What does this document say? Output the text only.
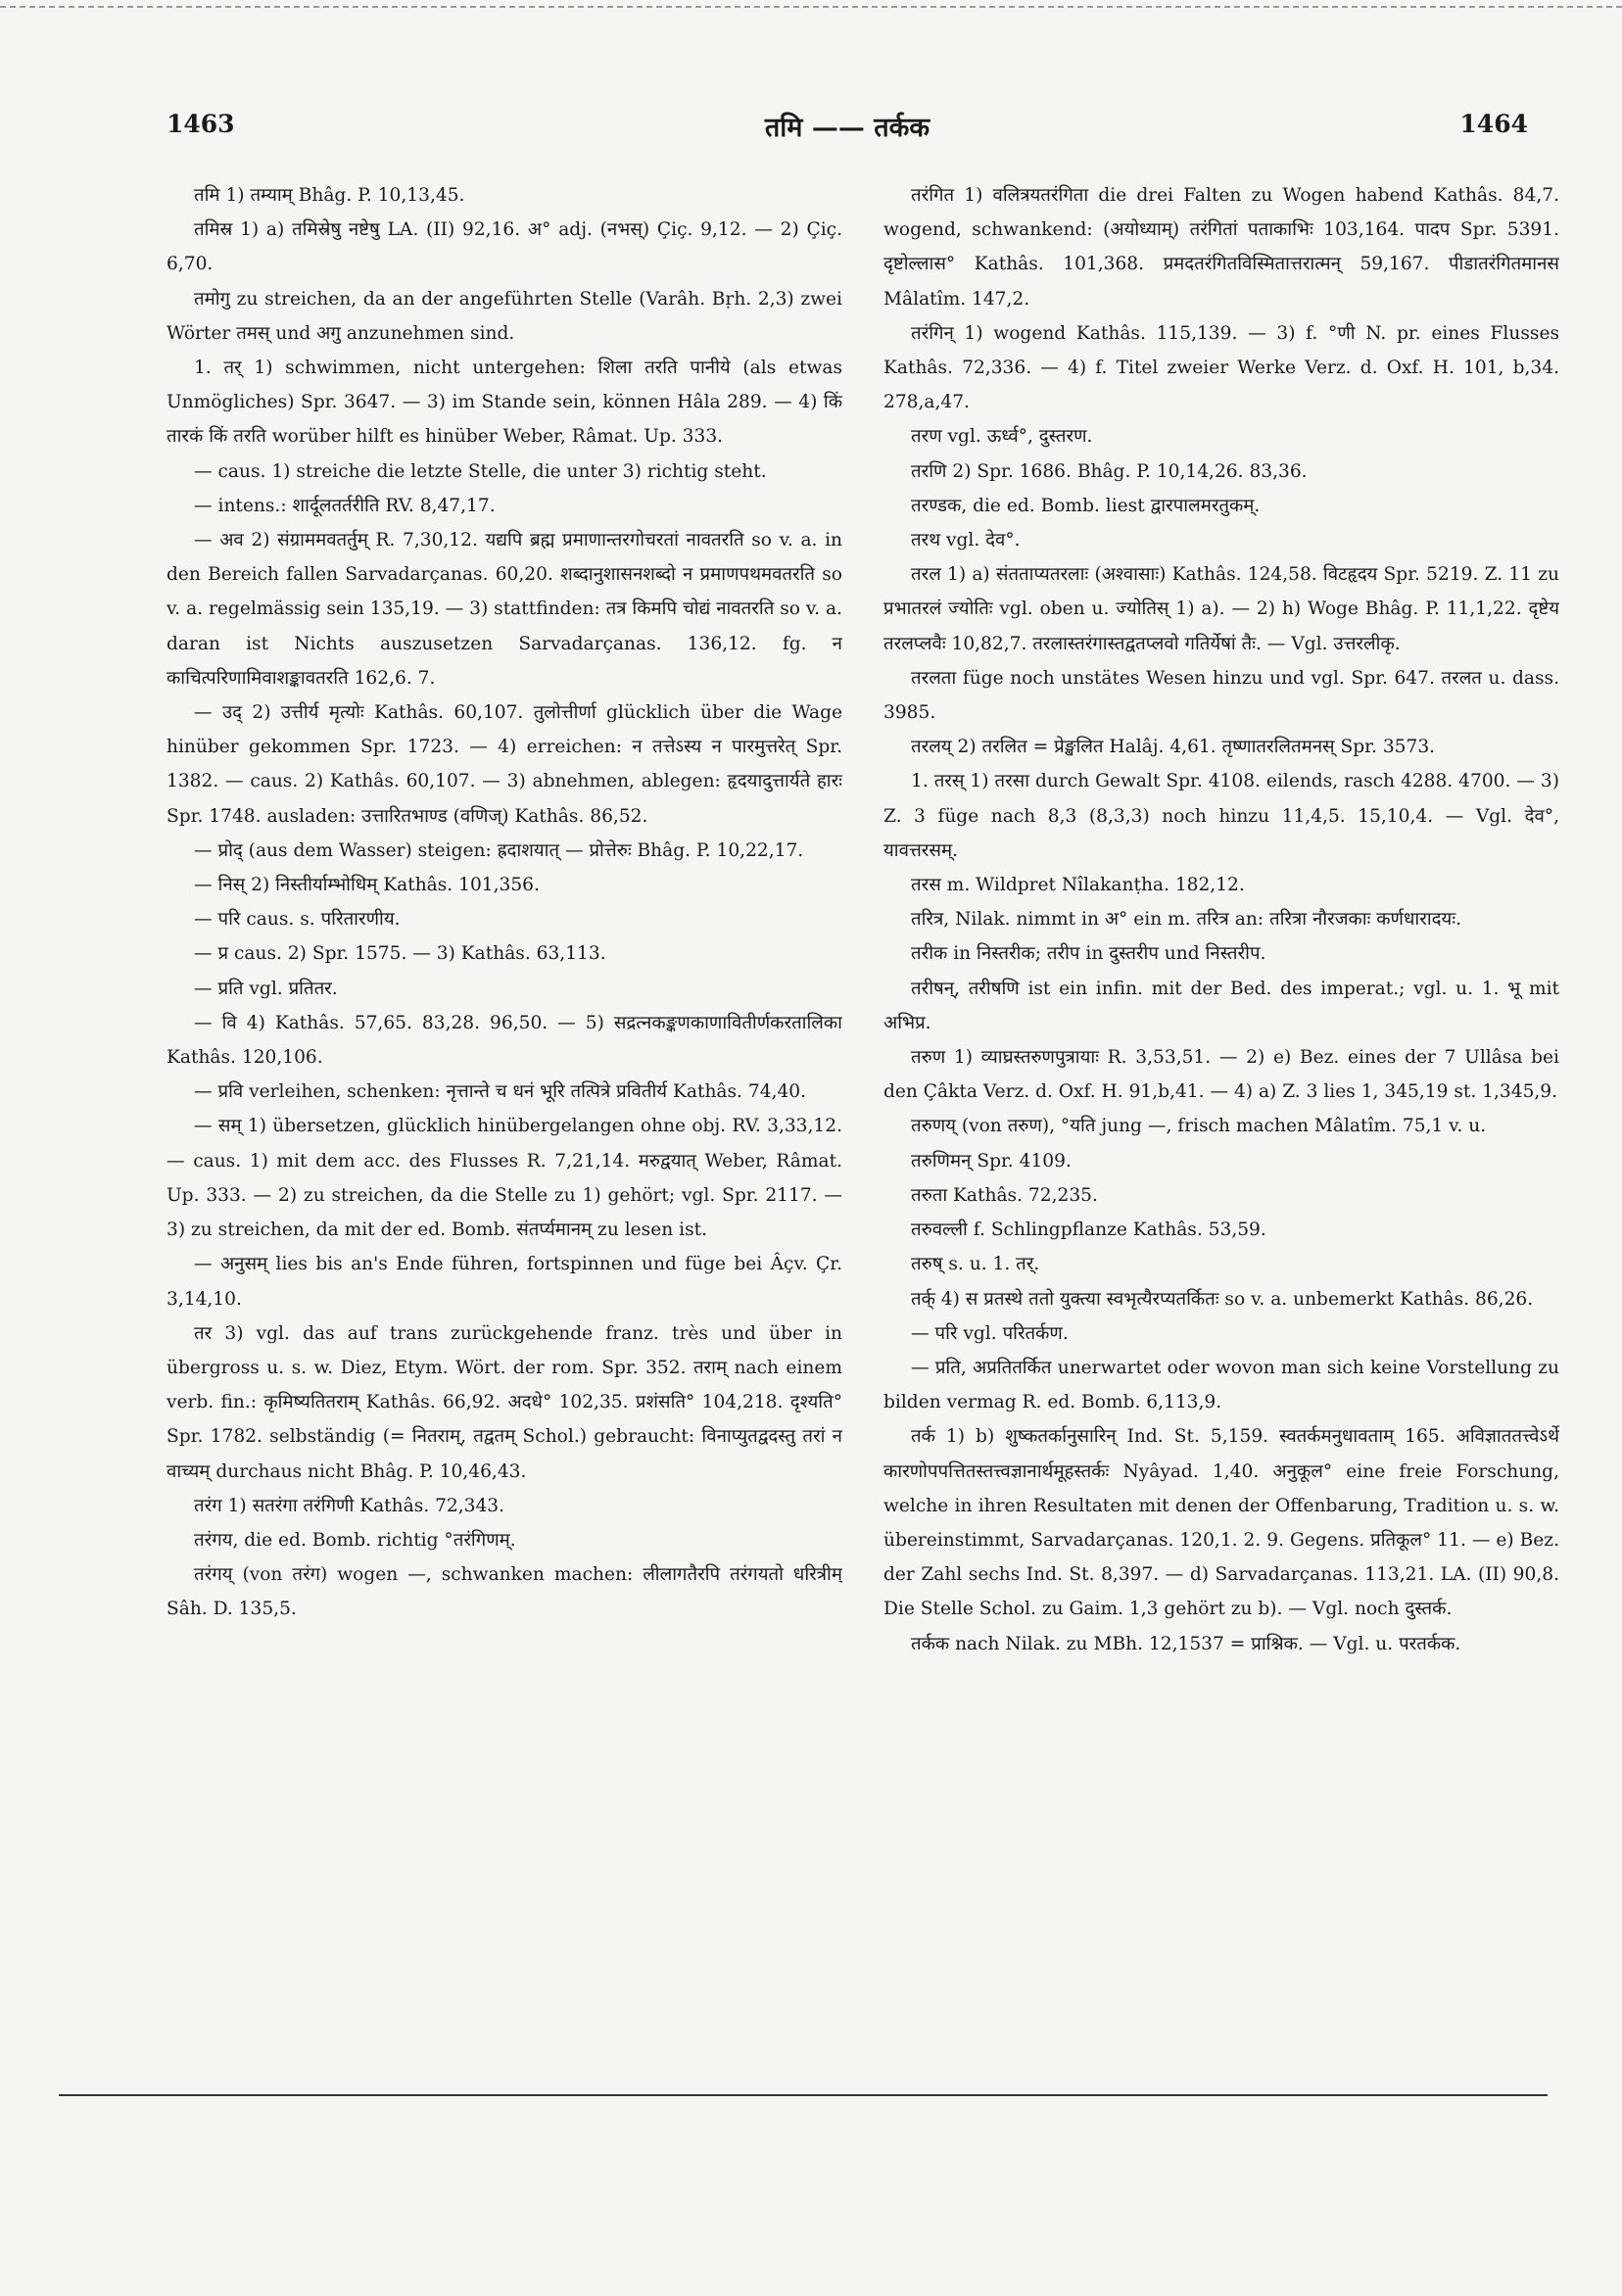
1463	तमि —— तर्कक	1464

तमि 1) तम्याम् Bhâg. P. 10,13,45.

तमिस्र 1) a) तमिस्रेषु नष्टेषु LA. (II) 92,16. अ° adj. (नभस्) Çiç. 9,12. — 2) Çiç. 6,70.

तमोगु zu streichen, da an der angeführten Stelle (Varâh. Bṛh. 2,3) zwei Wörter तमस् und अगु anzunehmen sind.

1. तर् 1) schwimmen, nicht untergehen: शिला तरति पानीये (als etwas Unmögliches) Spr. 3647. — 3) im Stande sein, können Hâla 289. — 4) किं तारकं किं तरति worüber hilft es hinüber Weber, Râmat. Up. 333.

— caus. 1) streiche die letzte Stelle, die unter 3) richtig steht.

— intens.: शार्दूलतर्तरीति RV. 8,47,17.

— अव 2) संग्राममवतर्तुम् R. 7,30,12. यद्यपि ब्रह्म प्रमाणान्तरगोचरतां नावतरति so v. a. in den Bereich fallen Sarvadarçanas. 60,20. शब्दानुशासनशब्दो न प्रमाणपथमवतरति so v. a. regelmässig sein 135,19. — 3) stattfinden: तत्र किमपि चोद्यं नावतरति so v. a. daran ist Nichts auszusetzen Sarvadarçanas. 136,12. fg. न काचित्परिणामिवाशङ्कावतरति 162,6. 7.

— उद् 2) उत्तीर्य मृत्योः Kathâs. 60,107. तुलोत्तीर्णा glücklich über die Wage hinüber gekommen Spr. 1723. — 4) erreichen: न तत्तेऽस्य न पारमुत्तरेत् Spr. 1382. — caus. 2) Kathâs. 60,107. — 3) abnehmen, ablegen: हृदयादुत्तार्यते हारः Spr. 1748. ausladen: उत्तारितभाण्ड (वणिज्) Kathâs. 86,52.

— प्रोद् (aus dem Wasser) steigen: ह्रदाशयात् — प्रोत्तेरुः Bhâg. P. 10,22,17.

— निस् 2) निस्तीर्याम्भोधिम् Kathâs. 101,356.

— परि caus. s. परितारणीय.

— प्र caus. 2) Spr. 1575. — 3) Kathâs. 63,113.

— प्रति vgl. प्रतितर.

— वि 4) Kathâs. 57,65. 83,28. 96,50. — 5) सद्रत्नकङ्कणकाणावितीर्णकरतालिका Kathâs. 120,106.

— प्रवि verleihen, schenken: नृत्तान्ते च धनं भूरि तत्पित्रे प्रवितीर्य Kathâs. 74,40.

— सम् 1) übersetzen, glücklich hinübergelangen ohne obj. RV. 3,33,12. — caus. 1) mit dem acc. des Flusses R. 7,21,14. मरुद्वयात् Weber, Râmat. Up. 333. — 2) zu streichen, da die Stelle zu 1) gehört; vgl. Spr. 2117. — 3) zu streichen, da mit der ed. Bomb. संतर्प्यमानम् zu lesen ist.

— अनुसम् lies bis an's Ende führen, fortspinnen und füge bei Âçv. Çr. 3,14,10.

तर 3) vgl. das auf trans zurückgehende franz. très und über in übergross u. s. w. Diez, Etym. Wört. der rom. Spr. 352. तराम् nach einem verb. fin.: कृमिष्यतितराम् Kathâs. 66,92. अदधे° 102,35. प्रशंसति° 104,218. दृश्यति° Spr. 1782. selbständig (= नितराम्, तद्वतम् Schol.) gebraucht: विनाप्युतद्वदस्तु तरां न वाच्यम् durchaus nicht Bhâg. P. 10,46,43.

तरंग 1) सतरंगा तरंगिणी Kathâs. 72,343.

तरंगय, die ed. Bomb. richtig °तरंगिणम्.

तरंगय् (von तरंग) wogen —, schwanken machen: लीलागतैरपि तरंगयतो धरित्रीम् Sâh. D. 135,5.

तरंगित 1) वलित्रयतरंगिता die drei Falten zu Wogen habend Kathâs. 84,7. wogend, schwankend: (अयोध्याम्) तरंगितां पताकाभिः 103,164. पादप Spr. 5391. दृष्टोल्लास° Kathâs. 101,368. प्रमदतरंगितविस्मितात्तरात्मन् 59,167. पीडातरंगितमानस Mâlatîm. 147,2.

तरंगिन् 1) wogend Kathâs. 115,139. — 3) f. °णी N. pr. eines Flusses Kathâs. 72,336. — 4) f. Titel zweier Werke Verz. d. Oxf. H. 101, b,34. 278,a,47.

तरण vgl. ऊर्ध्व°, दुस्तरण.

तरणि 2) Spr. 1686. Bhâg. P. 10,14,26. 83,36.

तरण्डक, die ed. Bomb. liest द्वारपालमरतुकम्.

तरथ vgl. देव°.

तरल 1) a) संतताप्यतरलाः (अश्वासाः) Kathâs. 124,58. विटहृदय Spr. 5219. Z. 11 zu प्रभातरलं ज्योतिः vgl. oben u. ज्योतिस् 1) a). — 2) h) Woge Bhâg. P. 11,1,22. दृष्टेय तरलप्लवैः 10,82,7. तरलास्तरंगास्तद्वतप्लवो गतिर्येषां तैः. — Vgl. उत्तरलीकृ.

तरलता füge noch unstätes Wesen hinzu und vgl. Spr. 647. तरलत u. dass. 3985.

तरलय् 2) तरलित = प्रेङ्खलित Halâj. 4,61. तृष्णातरलितमनस् Spr. 3573.

1. तरस् 1) तरसा durch Gewalt Spr. 4108. eilends, rasch 4288. 4700. — 3) Z. 3 füge nach 8,3 (8,3,3) noch hinzu 11,4,5. 15,10,4. — Vgl. देव°, यावत्तरसम्.

तरस m. Wildpret Nîlakanṭha. 182,12.

तरित्र, Nilak. nimmt in अ° ein m. तरित्र an: तरित्रा नौरजकाः कर्णधारादयः.

तरीक in निस्तरीक; तरीप in दुस्तरीप und निस्तरीप.

तरीषन्, तरीषणि ist ein infin. mit der Bed. des imperat.; vgl. u. 1. भू mit अभिप्र.

तरुण 1) व्याघ्रस्तरुणपुत्रायाः R. 3,53,51. — 2) e) Bez. eines der 7 Ullâsa bei den Çâkta Verz. d. Oxf. H. 91,b,41. — 4) a) Z. 3 lies 1, 345,19 st. 1,345,9.

तरुणय् (von तरुण), °यति jung —, frisch machen Mâlatîm. 75,1 v. u.

तरुणिमन् Spr. 4109.

तरुता Kathâs. 72,235.

तरुवल्ली f. Schlingpflanze Kathâs. 53,59.

तरुष् s. u. 1. तर्.

तर्क् 4) स प्रतस्थे ततो युक्त्या स्वभृत्यैरप्यतर्कितः so v. a. unbemerkt Kathâs. 86,26.

— परि vgl. परितर्कण.

— प्रति, अप्रतितर्कित unerwartet oder wovon man sich keine Vorstellung zu bilden vermag R. ed. Bomb. 6,113,9.

तर्क 1) b) शुष्कतर्कानुसारिन् Ind. St. 5,159. स्वतर्कमनुधावताम् 165. अविज्ञाततत्त्वेऽर्थे कारणोपपत्तितस्तत्त्वज्ञानार्थमूहस्तर्कः Nyâyad. 1,40. अनुकूल° eine freie Forschung, welche in ihren Resultaten mit denen der Offenbarung, Tradition u. s. w. übereinstimmt, Sarvadarçanas. 120,1. 2. 9. Gegens. प्रतिकूल° 11. — e) Bez. der Zahl sechs Ind. St. 8,397. — d) Sarvadarçanas. 113,21. LA. (II) 90,8. Die Stelle Schol. zu Gaim. 1,3 gehört zu b). — Vgl. noch दुस्तर्क.

तर्कक nach Nilak. zu MBh. 12,1537 = प्राश्निक. — Vgl. u. परतर्कक.
